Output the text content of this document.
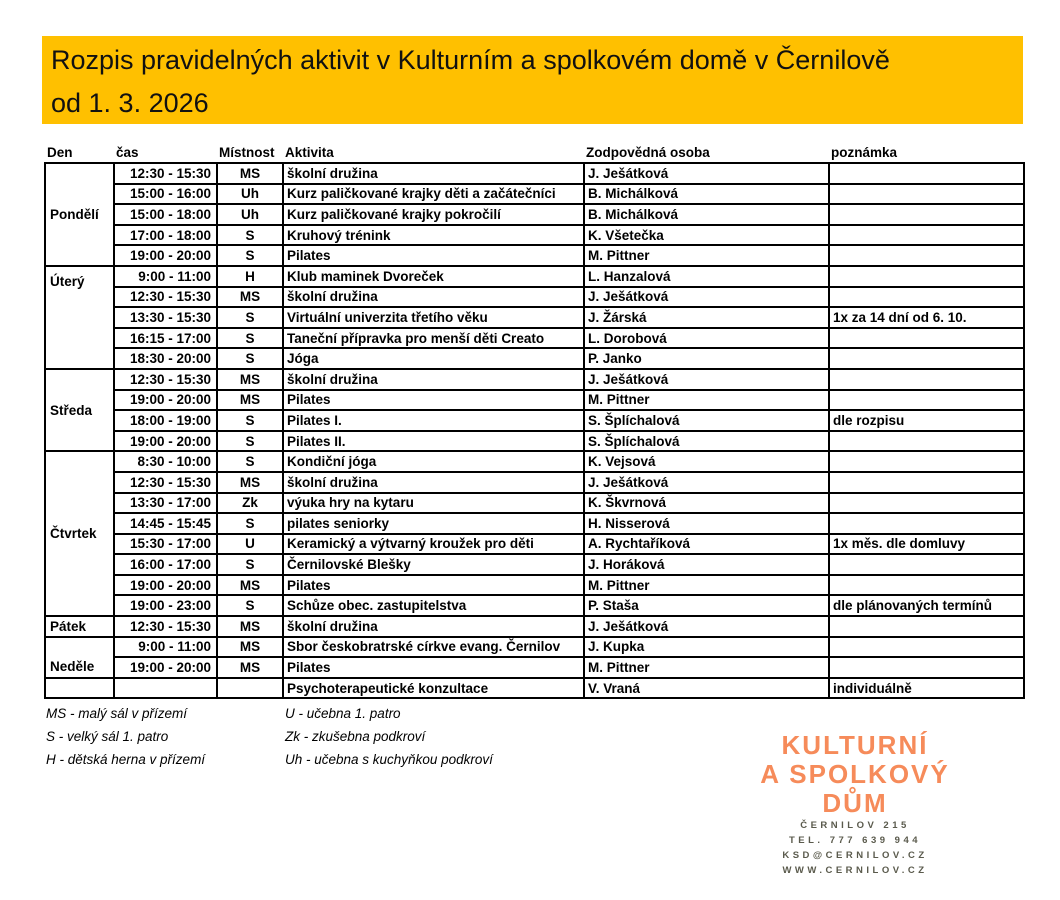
Rozpis pravidelných aktivit v Kulturním a spolkovém domě v Černilově
od 1. 3. 2026
Den	čas	Místnost	Aktivita	Zodpovědná osoba	poznámka
Pondělí	12:30 - 15:30	MS	školní družina	J. Ješátková	
	15:00 - 16:00	Uh	Kurz paličkované krajky děti a začátečníci	B. Michálková	
	15:00 - 18:00	Uh	Kurz paličkované krajky pokročilí	B. Michálková	
	17:00 - 18:00	S	Kruhový trénink	K. Všetečka	
	19:00 - 20:00	S	Pilates	M. Pittner	
Úterý	9:00 - 11:00	H	Klub maminek Dvoreček	L. Hanzalová	
	12:30 - 15:30	MS	školní družina	J. Ješátková	
	13:30 - 15:30	S	Virtuální univerzita třetího věku	J. Žárská	1x za 14 dní od 6. 10.
	16:15 - 17:00	S	Taneční přípravka pro menší děti Creato	L. Dorobová	
	18:30 - 20:00	S	Jóga	P. Janko	
Středa	12:30 - 15:30	MS	školní družina	J. Ješátková	
	19:00 - 20:00	MS	Pilates	M. Pittner	
	18:00 - 19:00	S	Pilates I.	S. Šplíchalová	dle rozpisu
	19:00 - 20:00	S	Pilates II.	S. Šplíchalová	
Čtvrtek	8:30 - 10:00	S	Kondiční jóga	K. Vejsová	
	12:30 - 15:30	MS	školní družina	J. Ješátková	
	13:30 - 17:00	Zk	výuka hry na kytaru	K. Škvrnová	
	14:45 - 15:45	S	pilates seniorky	H. Nisserová	
	15:30 - 17:00	U	Keramický a výtvarný kroužek pro děti	A. Rychtaříková	1x měs. dle domluvy
	16:00 - 17:00	S	Černilovské Blešky	J. Horáková	
	19:00 - 20:00	MS	Pilates	M. Pittner	
	19:00 - 23:00	S	Schůze obec. zastupitelstva	P. Staša	dle plánovaných termínů
Pátek	12:30 - 15:30	MS	školní družina	J. Ješátková	
Neděle	9:00 - 11:00	MS	Sbor českobratrské církve evang. Černilov	J. Kupka	
	19:00 - 20:00	MS	Pilates	M. Pittner	
			Psychoterapeutické konzultace	V. Vraná	individuálně
MS - malý sál v přízemí
S - velký sál 1. patro
H - dětská herna v přízemí
U - učebna 1. patro
Zk - zkušebna podkroví
Uh - učebna s kuchyňkou podkroví	KULTURNÍ
A SPOLKOVÝ
DŮM
ČERNILOV 215
TEL. 777 639 944
KSD@CERNILOV.CZ
WWW.CERNILOV.CZ
